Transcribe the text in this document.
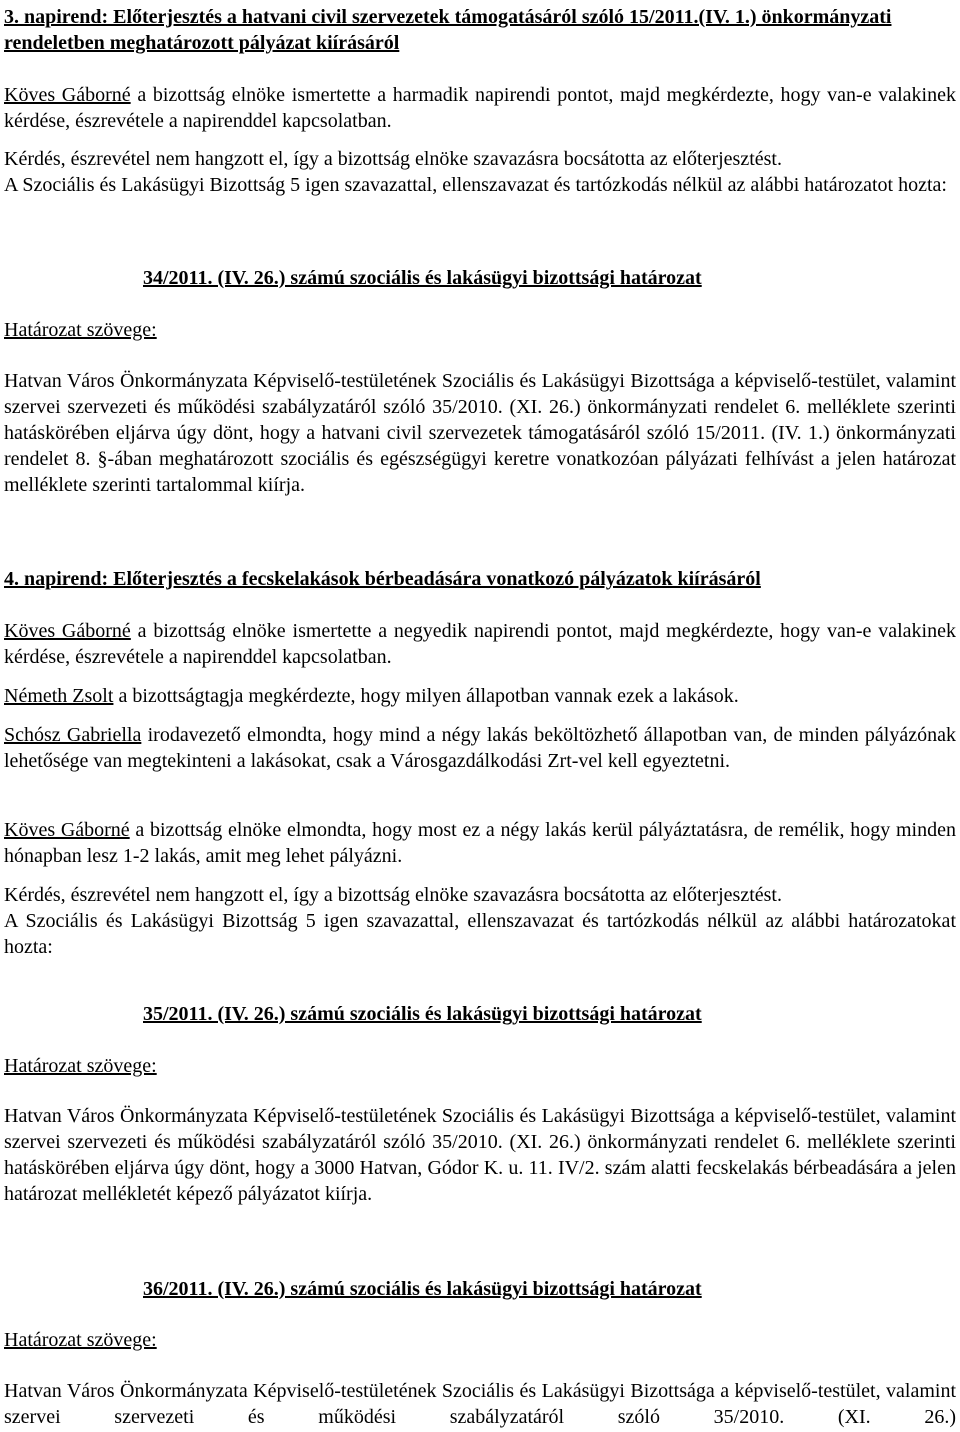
3. napirend: Előterjesztés a hatvani civil szervezetek támogatásáról szóló 15/2011.(IV. 1.) önkormányzati rendeletben meghatározott pályázat kiírásáról

Köves Gáborné a bizottság elnöke ismertette a harmadik napirendi pontot, majd megkérdezte, hogy van-e valakinek kérdése, észrevétele a napirenddel kapcsolatban.

Kérdés, észrevétel nem hangzott el, így a bizottság elnöke szavazásra bocsátotta az előterjesztést.

A Szociális és Lakásügyi Bizottság 5 igen szavazattal, ellenszavazat és tartózkodás nélkül az alábbi határozatot hozta:

34/2011. (IV. 26.) számú szociális és lakásügyi bizottsági határozat

Határozat szövege:

Hatvan Város Önkormányzata Képviselő-testületének Szociális és Lakásügyi Bizottsága a képviselő-testület, valamint szervei szervezeti és működési szabályzatáról szóló 35/2010. (XI. 26.) önkormányzati rendelet 6. melléklete szerinti hatáskörében eljárva úgy dönt, hogy a hatvani civil szervezetek támogatásáról szóló 15/2011. (IV. 1.) önkormányzati rendelet 8. §-ában meghatározott szociális és egészségügyi keretre vonatkozóan pályázati felhívást a jelen határozat melléklete szerinti tartalommal kiírja.

4. napirend: Előterjesztés a fecskelakások bérbeadására vonatkozó pályázatok kiírásáról

Köves Gáborné a bizottság elnöke ismertette a negyedik napirendi pontot, majd megkérdezte, hogy van-e valakinek kérdése, észrevétele a napirenddel kapcsolatban.

Németh Zsolt a bizottságtagja megkérdezte, hogy milyen állapotban vannak ezek a lakások.

Schósz Gabriella irodavezető elmondta, hogy mind a négy lakás beköltözhető állapotban van, de minden pályázónak lehetősége van megtekinteni a lakásokat, csak a Városgazdálkodási Zrt-vel kell egyeztetni.

Köves Gáborné a bizottság elnöke elmondta, hogy most ez a négy lakás kerül pályáztatásra, de remélik, hogy minden hónapban lesz 1-2 lakás, amit meg lehet pályázni.

Kérdés, észrevétel nem hangzott el, így a bizottság elnöke szavazásra bocsátotta az előterjesztést.

A Szociális és Lakásügyi Bizottság 5 igen szavazattal, ellenszavazat és tartózkodás nélkül az alábbi határozatokat hozta:

35/2011. (IV. 26.) számú szociális és lakásügyi bizottsági határozat

Határozat szövege:

Hatvan Város Önkormányzata Képviselő-testületének Szociális és Lakásügyi Bizottsága a képviselő-testület, valamint szervei szervezeti és működési szabályzatáról szóló 35/2010. (XI. 26.) önkormányzati rendelet 6. melléklete szerinti hatáskörében eljárva úgy dönt, hogy a 3000 Hatvan, Gódor K. u. 11. IV/2. szám alatti fecskelakás bérbeadására a jelen határozat mellékletét képező pályázatot kiírja.

36/2011. (IV. 26.) számú szociális és lakásügyi bizottsági határozat

Határozat szövege:

Hatvan Város Önkormányzata Képviselő-testületének Szociális és Lakásügyi Bizottsága a képviselő-testület, valamint szervei szervezeti és működési szabályzatáról szóló 35/2010. (XI. 26.)
